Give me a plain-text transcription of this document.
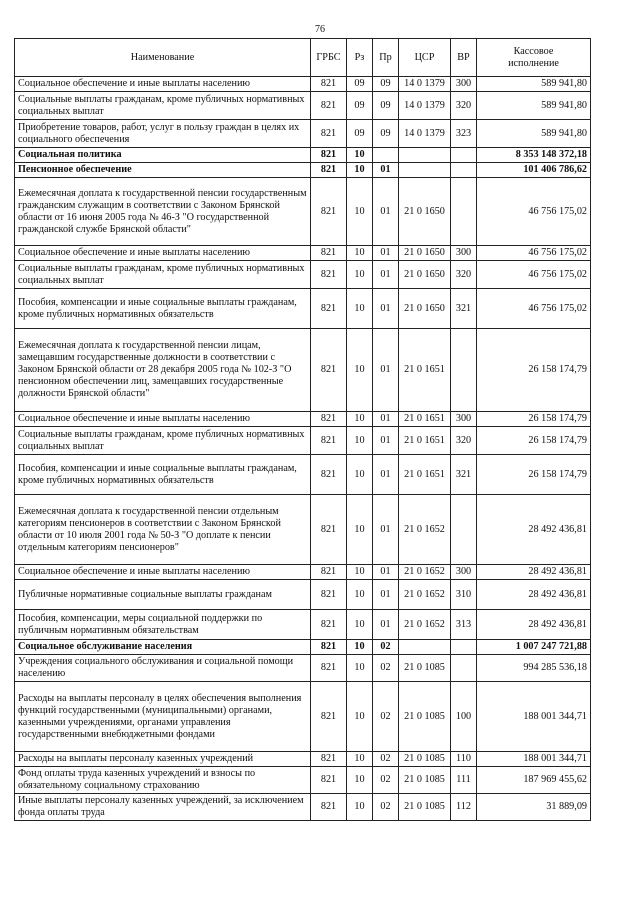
76
Наименование	ГРБС	Рз	Пр	ЦСР	ВР	Кассовое исполнение
Социальное обеспечение и иные выплаты населению	821	09	09	14 0 1379	300	589 941,80
Социальные выплаты гражданам, кроме публичных нормативных социальных выплат	821	09	09	14 0 1379	320	589 941,80
Приобретение товаров, работ, услуг в пользу граждан в целях их социального обеспечения	821	09	09	14 0 1379	323	589 941,80
Социальная политика	821	10				8 353 148 372,18
Пенсионное обеспечение	821	10	01			101 406 786,62
Ежемесячная доплата к государственной пенсии государственным гражданским служащим в соответствии с Законом Брянской области от 16 июня 2005 года № 46-З "О государственной гражданской службе Брянской области"	821	10	01	21 0 1650		46 756 175,02
Социальное обеспечение и иные выплаты населению	821	10	01	21 0 1650	300	46 756 175,02
Социальные выплаты гражданам, кроме публичных нормативных социальных выплат	821	10	01	21 0 1650	320	46 756 175,02
Пособия, компенсации и иные социальные выплаты гражданам, кроме публичных нормативных обязательств	821	10	01	21 0 1650	321	46 756 175,02
Ежемесячная доплата к государственной пенсии лицам, замещавшим государственные должности в соответствии с Законом Брянской области от 28 декабря 2005 года № 102-З "О пенсионном обеспечении лиц, замещавших государственные должности Брянской области"	821	10	01	21 0 1651		26 158 174,79
Социальное обеспечение и иные выплаты населению	821	10	01	21 0 1651	300	26 158 174,79
Социальные выплаты гражданам, кроме публичных нормативных социальных выплат	821	10	01	21 0 1651	320	26 158 174,79
Пособия, компенсации и иные социальные выплаты гражданам, кроме публичных нормативных обязательств	821	10	01	21 0 1651	321	26 158 174,79
Ежемесячная доплата к государственной пенсии отдельным категориям пенсионеров в соответствии с Законом Брянской области от 10 июля 2001 года № 50-З "О доплате к пенсии отдельным категориям пенсионеров"	821	10	01	21 0 1652		28 492 436,81
Социальное обеспечение и иные выплаты населению	821	10	01	21 0 1652	300	28 492 436,81
Публичные нормативные социальные выплаты гражданам	821	10	01	21 0 1652	310	28 492 436,81
Пособия, компенсации, меры социальной поддержки по публичным нормативным обязательствам	821	10	01	21 0 1652	313	28 492 436,81
Социальное обслуживание населения	821	10	02			1 007 247 721,88
Учреждения социального обслуживания и социальной помощи населению	821	10	02	21 0 1085		994 285 536,18
Расходы на выплаты персоналу в целях обеспечения выполнения функций государственными (муниципальными) органами, казенными учреждениями, органами управления государственными внебюджетными фондами	821	10	02	21 0 1085	100	188 001 344,71
Расходы на выплаты персоналу казенных учреждений	821	10	02	21 0 1085	110	188 001 344,71
Фонд оплаты труда казенных учреждений и взносы по обязательному социальному страхованию	821	10	02	21 0 1085	111	187 969 455,62
Иные выплаты персоналу казенных учреждений, за исключением фонда оплаты труда	821	10	02	21 0 1085	112	31 889,09
